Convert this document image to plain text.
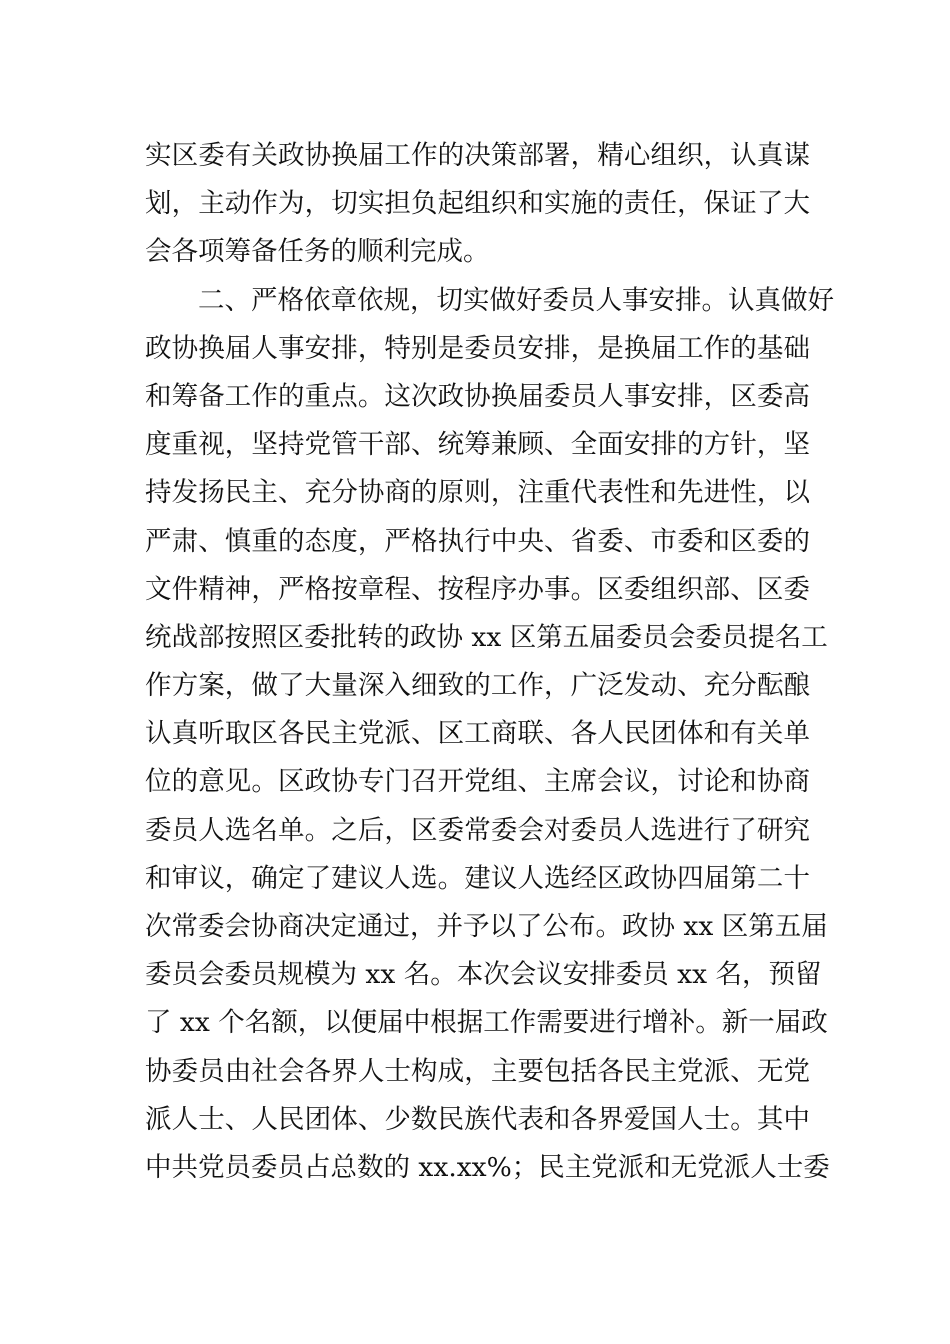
实区委有关政协换届工作的决策部署，精心组织，认真谋
划，主动作为，切实担负起组织和实施的责任，保证了大
会各项筹备任务的顺利完成。
二、严格依章依规，切实做好委员人事安排。认真做好
政协换届人事安排，特别是委员安排，是换届工作的基础
和筹备工作的重点。这次政协换届委员人事安排，区委高
度重视，坚持党管干部、统筹兼顾、全面安排的方针，坚
持发扬民主、充分协商的原则，注重代表性和先进性，以
严肃、慎重的态度，严格执行中央、省委、市委和区委的
文件精神，严格按章程、按程序办事。区委组织部、区委
统战部按照区委批转的政协 xx 区第五届委员会委员提名工
作方案，做了大量深入细致的工作，广泛发动、充分酝酿
认真听取区各民主党派、区工商联、各人民团体和有关单
位的意见。区政协专门召开党组、主席会议，讨论和协商
委员人选名单。之后，区委常委会对委员人选进行了研究
和审议，确定了建议人选。建议人选经区政协四届第二十
次常委会协商决定通过，并予以了公布。政协 xx 区第五届
委员会委员规模为 xx 名。本次会议安排委员 xx 名，预留
了 xx 个名额，以便届中根据工作需要进行增补。新一届政
协委员由社会各界人士构成，主要包括各民主党派、无党
派人士、人民团体、少数民族代表和各界爱国人士。其中
中共党员委员占总数的 xx.xx%；民主党派和无党派人士委
